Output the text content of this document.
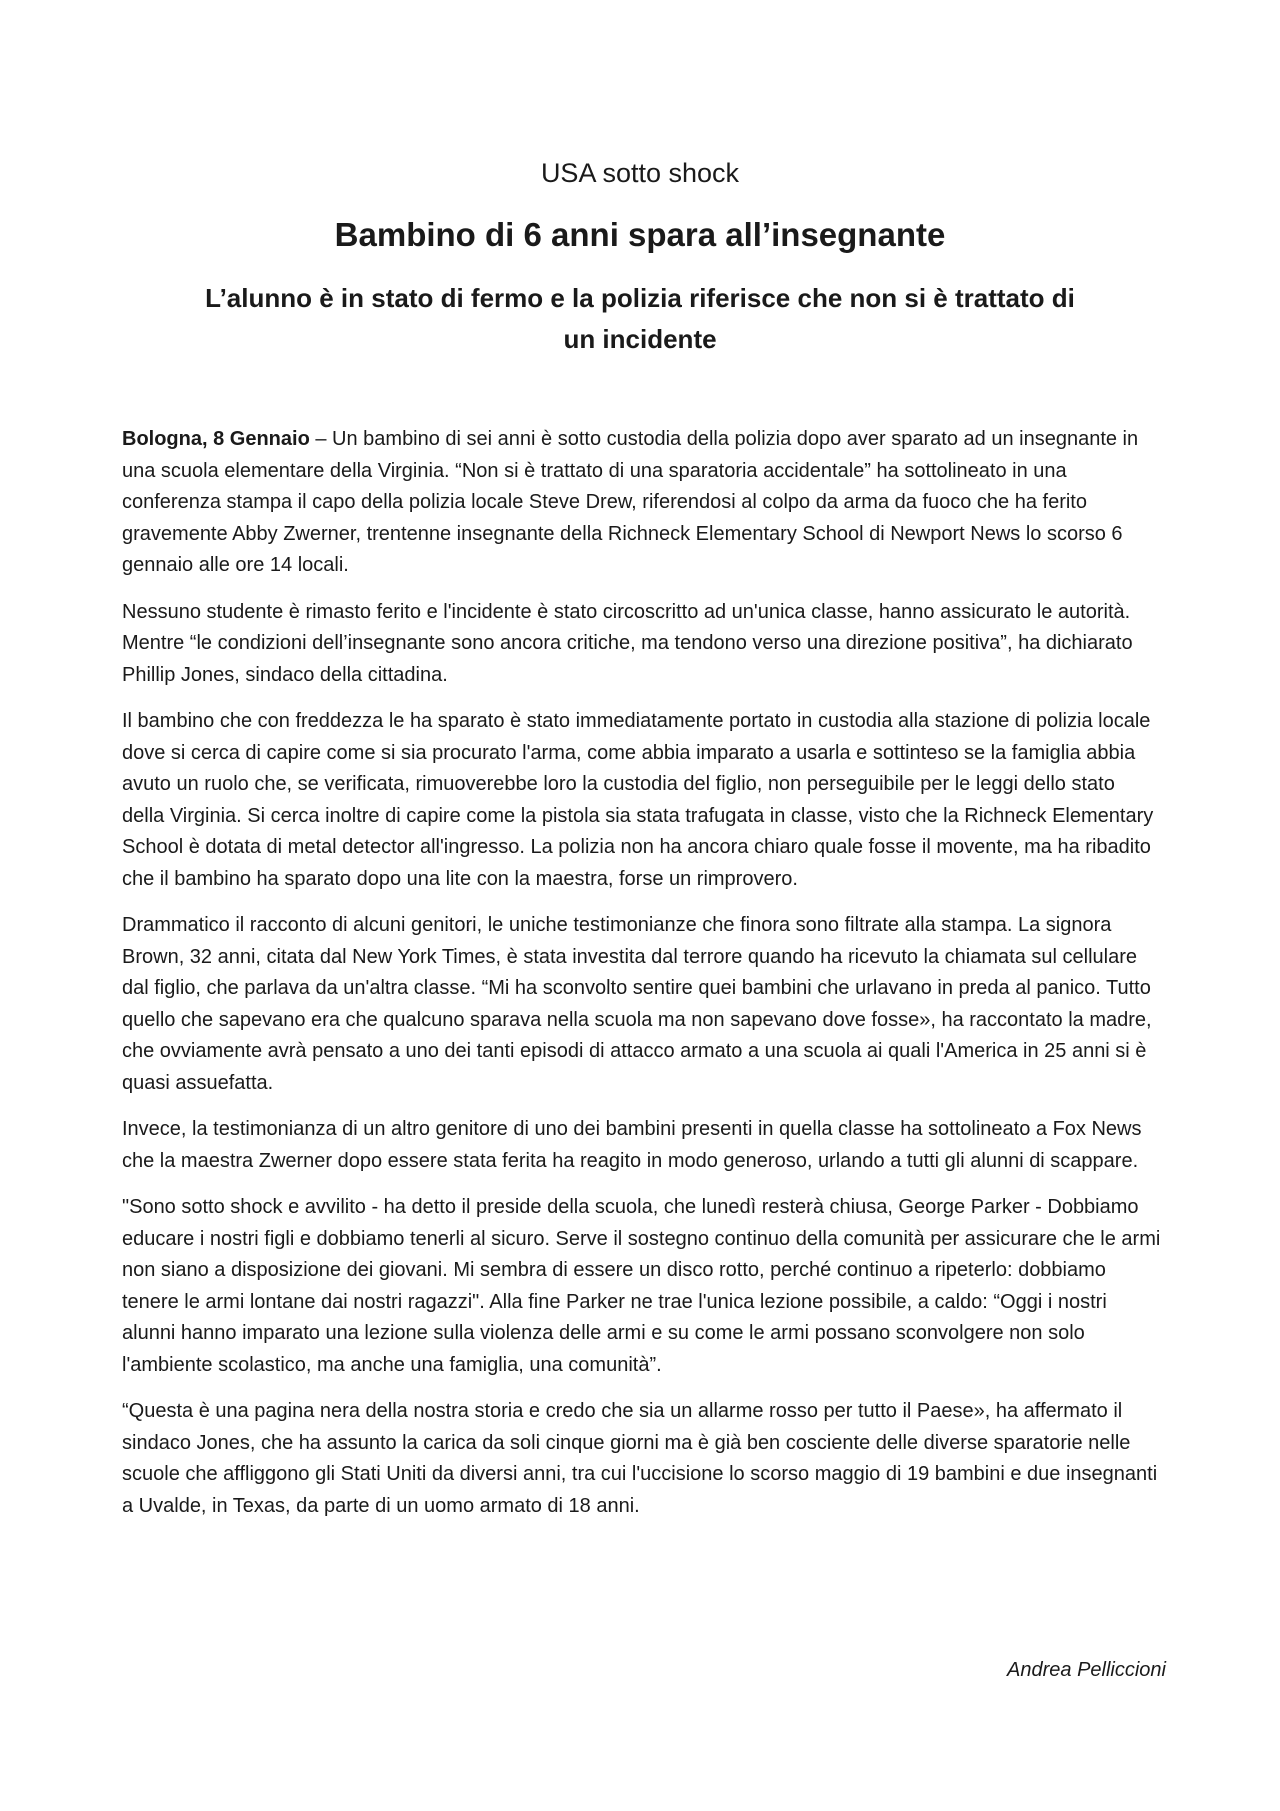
USA sotto shock
Bambino di 6 anni spara all’insegnante
L’alunno è in stato di fermo e la polizia riferisce che non si è trattato di un incidente

Bologna, 8 Gennaio – Un bambino di sei anni è sotto custodia della polizia dopo aver sparato ad un insegnante in una scuola elementare della Virginia. “Non si è trattato di una sparatoria accidentale” ha sottolineato in una conferenza stampa il capo della polizia locale Steve Drew, riferendosi al colpo da arma da fuoco che ha ferito gravemente Abby Zwerner, trentenne insegnante della Richneck Elementary School di Newport News lo scorso 6 gennaio alle ore 14 locali.

Nessuno studente è rimasto ferito e l'incidente è stato circoscritto ad un'unica classe, hanno assicurato le autorità. Mentre “le condizioni dell’insegnante sono ancora critiche, ma tendono verso una direzione positiva”, ha dichiarato Phillip Jones, sindaco della cittadina.

Il bambino che con freddezza le ha sparato è stato immediatamente portato in custodia alla stazione di polizia locale dove si cerca di capire come si sia procurato l'arma, come abbia imparato a usarla e sottinteso se la famiglia abbia avuto un ruolo che, se verificata, rimuoverebbe loro la custodia del figlio, non perseguibile per le leggi dello stato della Virginia. Si cerca inoltre di capire come la pistola sia stata trafugata in classe, visto che la Richneck Elementary School è dotata di metal detector all'ingresso. La polizia non ha ancora chiaro quale fosse il movente, ma ha ribadito che il bambino ha sparato dopo una lite con la maestra, forse un rimprovero.

Drammatico il racconto di alcuni genitori, le uniche testimonianze che finora sono filtrate alla stampa. La signora Brown, 32 anni, citata dal New York Times, è stata investita dal terrore quando ha ricevuto la chiamata sul cellulare dal figlio, che parlava da un'altra classe. “Mi ha sconvolto sentire quei bambini che urlavano in preda al panico. Tutto quello che sapevano era che qualcuno sparava nella scuola ma non sapevano dove fosse», ha raccontato la madre, che ovviamente avrà pensato a uno dei tanti episodi di attacco armato a una scuola ai quali l'America in 25 anni si è quasi assuefatta.

Invece, la testimonianza di un altro genitore di uno dei bambini presenti in quella classe ha sottolineato a Fox News che la maestra Zwerner dopo essere stata ferita ha reagito in modo generoso, urlando a tutti gli alunni di scappare.

"Sono sotto shock e avvilito - ha detto il preside della scuola, che lunedì resterà chiusa, George Parker - Dobbiamo educare i nostri figli e dobbiamo tenerli al sicuro. Serve il sostegno continuo della comunità per assicurare che le armi non siano a disposizione dei giovani. Mi sembra di essere un disco rotto, perché continuo a ripeterlo: dobbiamo tenere le armi lontane dai nostri ragazzi". Alla fine Parker ne trae l'unica lezione possibile, a caldo: “Oggi i nostri alunni hanno imparato una lezione sulla violenza delle armi e su come le armi possano sconvolgere non solo l'ambiente scolastico, ma anche una famiglia, una comunità”.

“Questa è una pagina nera della nostra storia e credo che sia un allarme rosso per tutto il Paese», ha affermato il sindaco Jones, che ha assunto la carica da soli cinque giorni ma è già ben cosciente delle diverse sparatorie nelle scuole che affliggono gli Stati Uniti da diversi anni, tra cui l'uccisione lo scorso maggio di 19 bambini e due insegnanti a Uvalde, in Texas, da parte di un uomo armato di 18 anni.

Andrea Pelliccioni
